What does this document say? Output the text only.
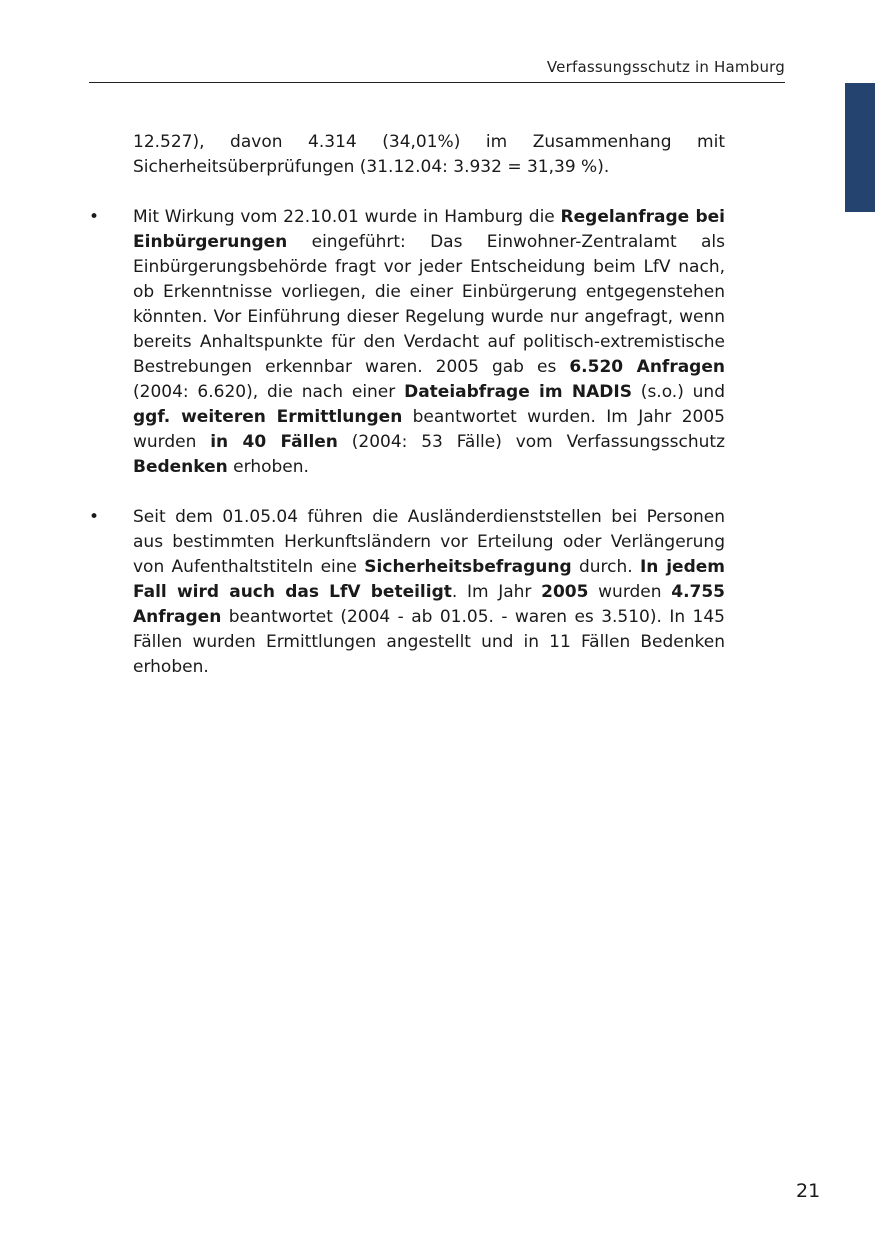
Verfassungsschutz in Hamburg

12.527), davon 4.314 (34,01%) im Zusammenhang mit Sicherheitsüberprüfungen (31.12.04: 3.932 = 31,39 %).

• Mit Wirkung vom 22.10.01 wurde in Hamburg die Regelanfrage bei Einbürgerungen eingeführt: Das Einwohner-Zentralamt als Einbürgerungsbehörde fragt vor jeder Entscheidung beim LfV nach, ob Erkenntnisse vorliegen, die einer Einbürgerung entgegenstehen könnten. Vor Einführung dieser Regelung wurde nur angefragt, wenn bereits Anhaltspunkte für den Verdacht auf politisch-extremistische Bestrebungen erkennbar waren. 2005 gab es 6.520 Anfragen (2004: 6.620), die nach einer Dateiabfrage im NADIS (s.o.) und ggf. weiteren Ermittlungen beantwortet wurden. Im Jahr 2005 wurden in 40 Fällen (2004: 53 Fälle) vom Verfassungsschutz Bedenken erhoben.

• Seit dem 01.05.04 führen die Ausländerdienststellen bei Personen aus bestimmten Herkunftsländern vor Erteilung oder Verlängerung von Aufenthaltstiteln eine Sicherheitsbefragung durch. In jedem Fall wird auch das LfV beteiligt. Im Jahr 2005 wurden 4.755 Anfragen beantwortet (2004 - ab 01.05. - waren es 3.510). In 145 Fällen wurden Ermittlungen angestellt und in 11 Fällen Bedenken erhoben.

21
